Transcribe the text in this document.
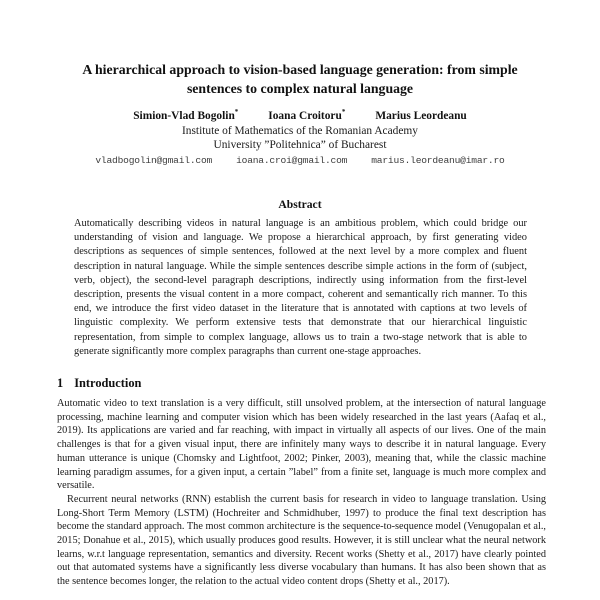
A hierarchical approach to vision-based language generation: from simple sentences to complex natural language
Simion-Vlad Bogolin*	Ioana Croitoru*	Marius Leordeanu
Institute of Mathematics of the Romanian Academy
University ”Politehnica” of Bucharest
vladbogolin@gmail.com	ioana.croi@gmail.com	marius.leordeanu@imar.ro
Abstract
Automatically describing videos in natural language is an ambitious problem, which could bridge our understanding of vision and language. We propose a hierarchical approach, by first generating video descriptions as sequences of simple sentences, followed at the next level by a more complex and fluent description in natural language. While the simple sentences describe simple actions in the form of (subject, verb, object), the second-level paragraph descriptions, indirectly using information from the first-level description, presents the visual content in a more compact, coherent and semantically rich manner. To this end, we introduce the first video dataset in the literature that is annotated with captions at two levels of linguistic complexity. We perform extensive tests that demonstrate that our hierarchical linguistic representation, from simple to complex language, allows us to train a two-stage network that is able to generate significantly more complex paragraphs than current one-stage approaches.
1 Introduction

Automatic video to text translation is a very difficult, still unsolved problem, at the intersection of natural language processing, machine learning and computer vision which has been widely researched in the last years (Aafaq et al., 2019). Its applications are varied and far reaching, with impact in virtually all aspects of our lives. One of the main challenges is that for a given visual input, there are infinitely many ways to describe it in natural language. Every human utterance is unique (Chomsky and Lightfoot, 2002; Pinker, 2003), meaning that, while the classic machine learning paradigm assumes, for a given input, a certain ”label” from a finite set, language is much more complex and versatile.

Recurrent neural networks (RNN) establish the current basis for research in video to language translation. Using Long-Short Term Memory (LSTM) (Hochreiter and Schmidhuber, 1997) to produce the final text description has become the standard approach. The most common architecture is the sequence-to-sequence model (Venugopalan et al., 2015; Donahue et al., 2015), which usually produces good results. However, it is still unclear what the neural network learns, w.r.t language representation, semantics and diversity. Recent works (Shetty et al., 2017) have clearly pointed out that automated systems have a significantly less diverse vocabulary than humans. It has also been shown that as the sentence becomes longer, the relation to the actual video content drops (Shetty et al., 2017).
